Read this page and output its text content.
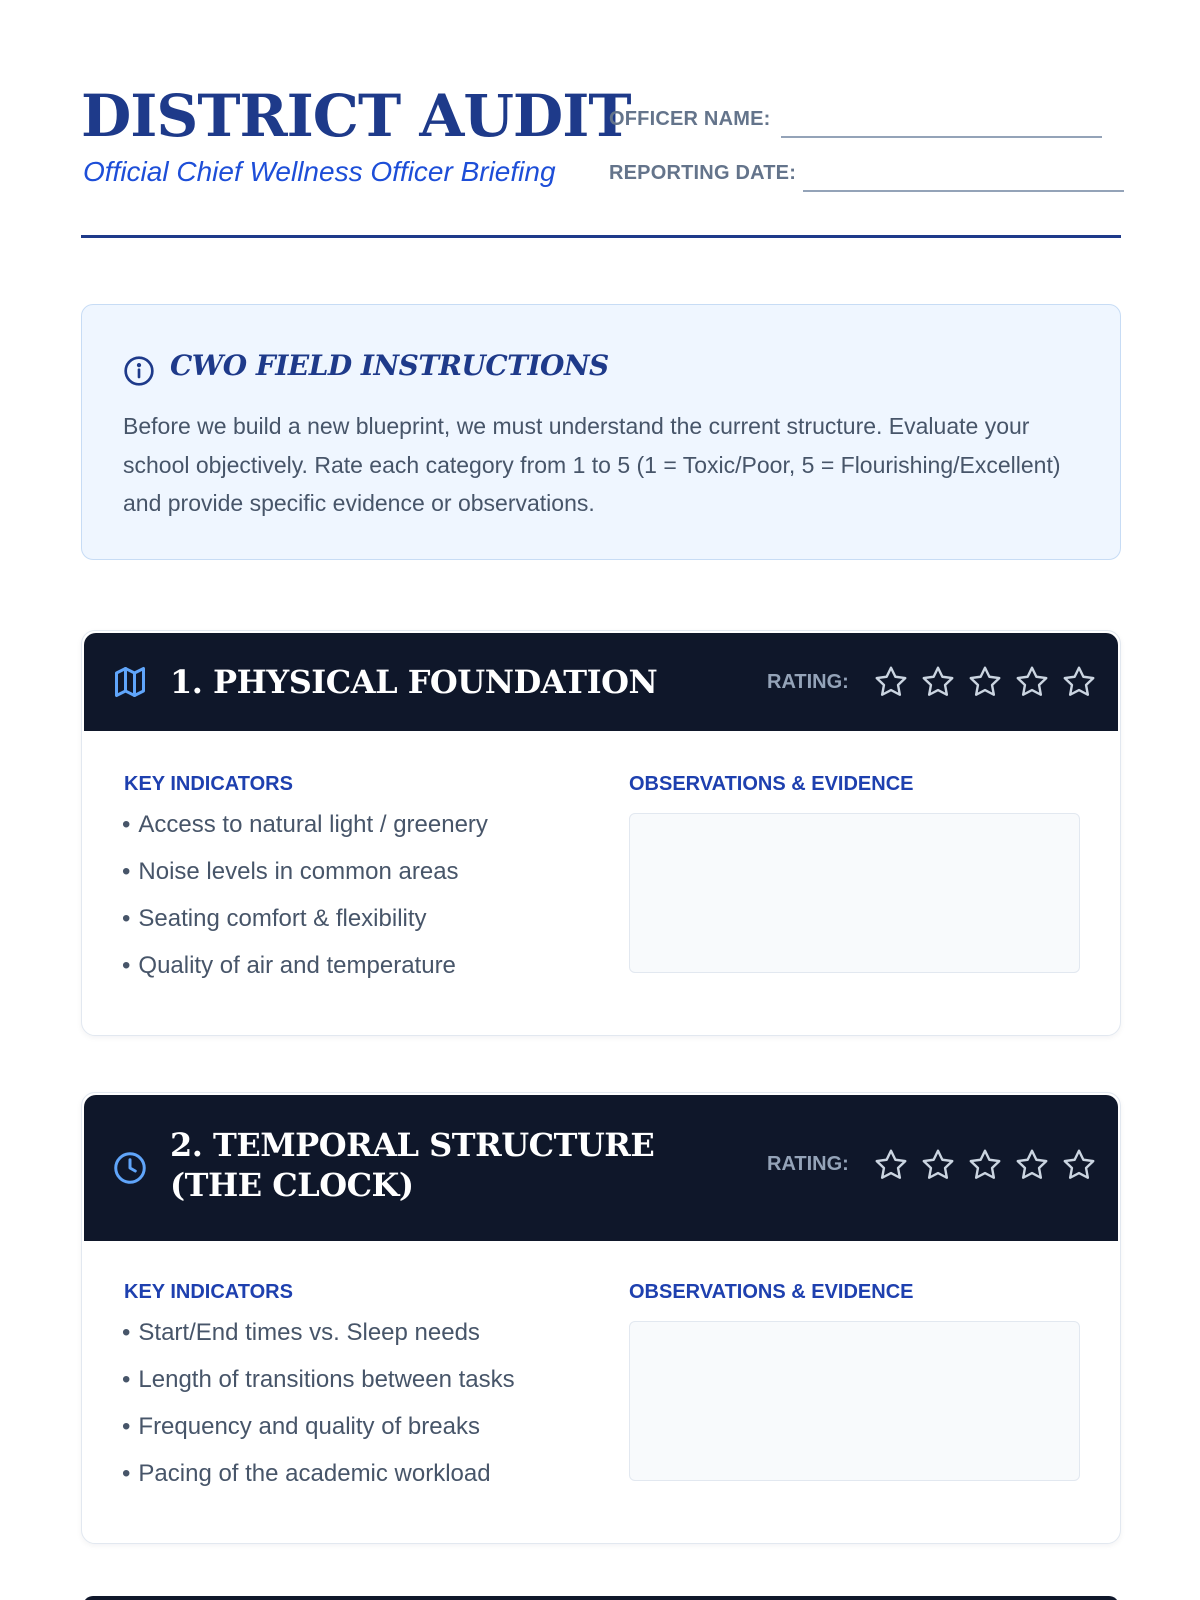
DISTRICT AUDIT
Official Chief Wellness Officer Briefing
OFFICER NAME:
REPORTING DATE:
CWO FIELD INSTRUCTIONS
Before we build a new blueprint, we must understand the current structure. Evaluate your school objectively. Rate each category from 1 to 5 (1 = Toxic/Poor, 5 = Flourishing/Excellent) and provide specific evidence or observations.
1. PHYSICAL FOUNDATION	RATING:
KEY INDICATORS	OBSERVATIONS & EVIDENCE
• Access to natural light / greenery
• Noise levels in common areas
• Seating comfort & flexibility
• Quality of air and temperature
2. TEMPORAL STRUCTURE (THE CLOCK)
RATING:
KEY INDICATORS	OBSERVATIONS & EVIDENCE
• Start/End times vs. Sleep needs
• Length of transitions between tasks
• Frequency and quality of breaks
• Pacing of the academic workload
